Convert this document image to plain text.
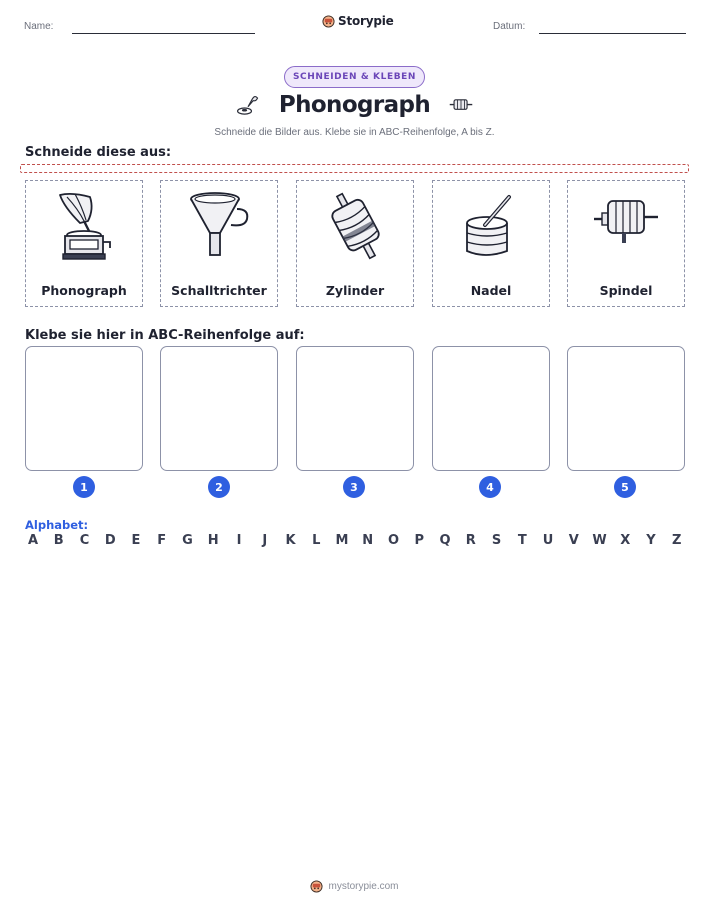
Name:	Storypie	Datum:
SCHNEIDEN & KLEBEN
Phonograph
Schneide die Bilder aus. Klebe sie in ABC-Reihenfolge, A bis Z.
Schneide diese aus:
Phonograph	Schalltrichter	Zylinder	Nadel	Spindel
Klebe sie hier in ABC-Reihenfolge auf:
1	2	3	4	5
Alphabet:
A B C D E F G H	I	J	K L M N O P Q R S T U V W X Y Z
mystorypie.com
